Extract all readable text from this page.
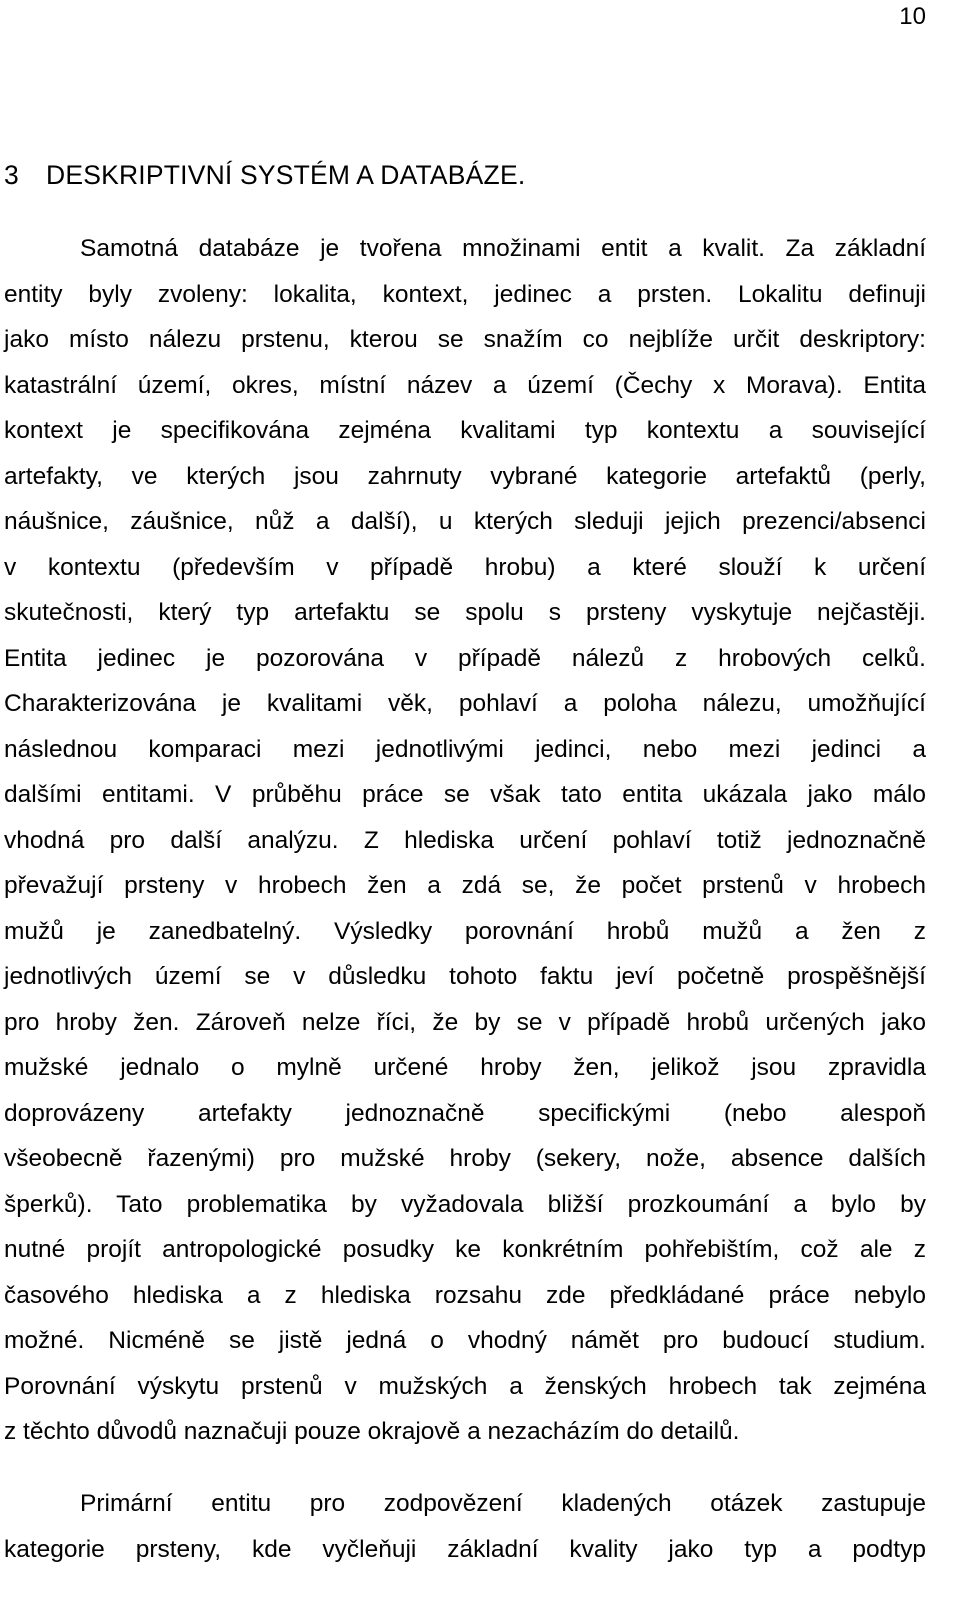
10
3 DESKRIPTIVNÍ SYSTÉM A DATABÁZE.
Samotná databáze je tvořena množinami entit a kvalit. Za základní
entity byly zvoleny: lokalita, kontext, jedinec a prsten. Lokalitu definuji
jako místo nálezu prstenu, kterou se snažím co nejblíže určit deskriptory:
katastrální území, okres, místní název a území (Čechy x Morava). Entita
kontext je specifikována zejména kvalitami typ kontextu a související
artefakty, ve kterých jsou zahrnuty vybrané kategorie artefaktů (perly,
náušnice, záušnice, nůž a další), u kterých sleduji jejich prezenci/absenci
v kontextu (především v případě hrobu) a které slouží k určení
skutečnosti, který typ artefaktu se spolu s prsteny vyskytuje nejčastěji.
Entita jedinec je pozorována v případě nálezů z hrobových celků.
Charakterizována je kvalitami věk, pohlaví a poloha nálezu, umožňující
následnou komparaci mezi jednotlivými jedinci, nebo mezi jedinci a
dalšími entitami. V průběhu práce se však tato entita ukázala jako málo
vhodná pro další analýzu. Z hlediska určení pohlaví totiž jednoznačně
převažují prsteny v hrobech žen a zdá se, že počet prstenů v hrobech
mužů je zanedbatelný. Výsledky porovnání hrobů mužů a žen z
jednotlivých území se v důsledku tohoto faktu jeví početně prospěšnější
pro hroby žen. Zároveň nelze říci, že by se v případě hrobů určených jako
mužské jednalo o mylně určené hroby žen, jelikož jsou zpravidla
doprovázeny artefakty jednoznačně specifickými (nebo alespoň
všeobecně řazenými) pro mužské hroby (sekery, nože, absence dalších
šperků). Tato problematika by vyžadovala bližší prozkoumání a bylo by
nutné projít antropologické posudky ke konkrétním pohřebištím, což ale z
časového hlediska a z hlediska rozsahu zde předkládané práce nebylo
možné. Nicméně se jistě jedná o vhodný námět pro budoucí studium.
Porovnání výskytu prstenů v mužských a ženských hrobech tak zejména
z těchto důvodů naznačuji pouze okrajově a nezacházím do detailů.
Primární entitu pro zodpovězení kladených otázek zastupuje
kategorie prsteny, kde vyčleňuji základní kvality jako typ a podtyp
